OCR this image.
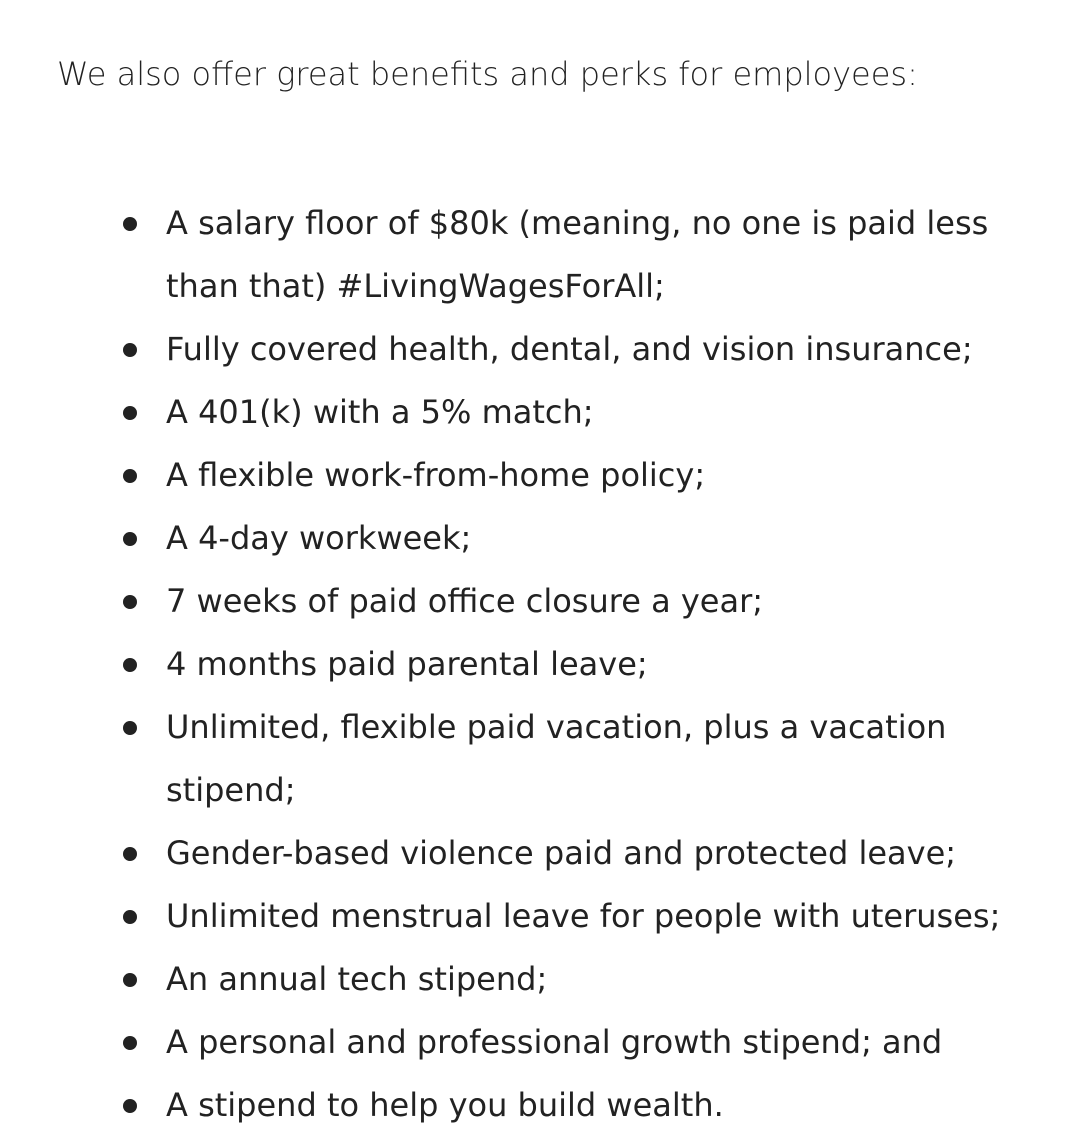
We also offer great benefits and perks for employees:

A salary floor of $80k (meaning, no one is paid less than that) #LivingWagesForAll;
Fully covered health, dental, and vision insurance;
A 401(k) with a 5% match;
A flexible work-from-home policy;
A 4-day workweek;
7 weeks of paid office closure a year;
4 months paid parental leave;
Unlimited, flexible paid vacation, plus a vacation stipend;
Gender-based violence paid and protected leave;
Unlimited menstrual leave for people with uteruses;
An annual tech stipend;
A personal and professional growth stipend; and
A stipend to help you build wealth.
